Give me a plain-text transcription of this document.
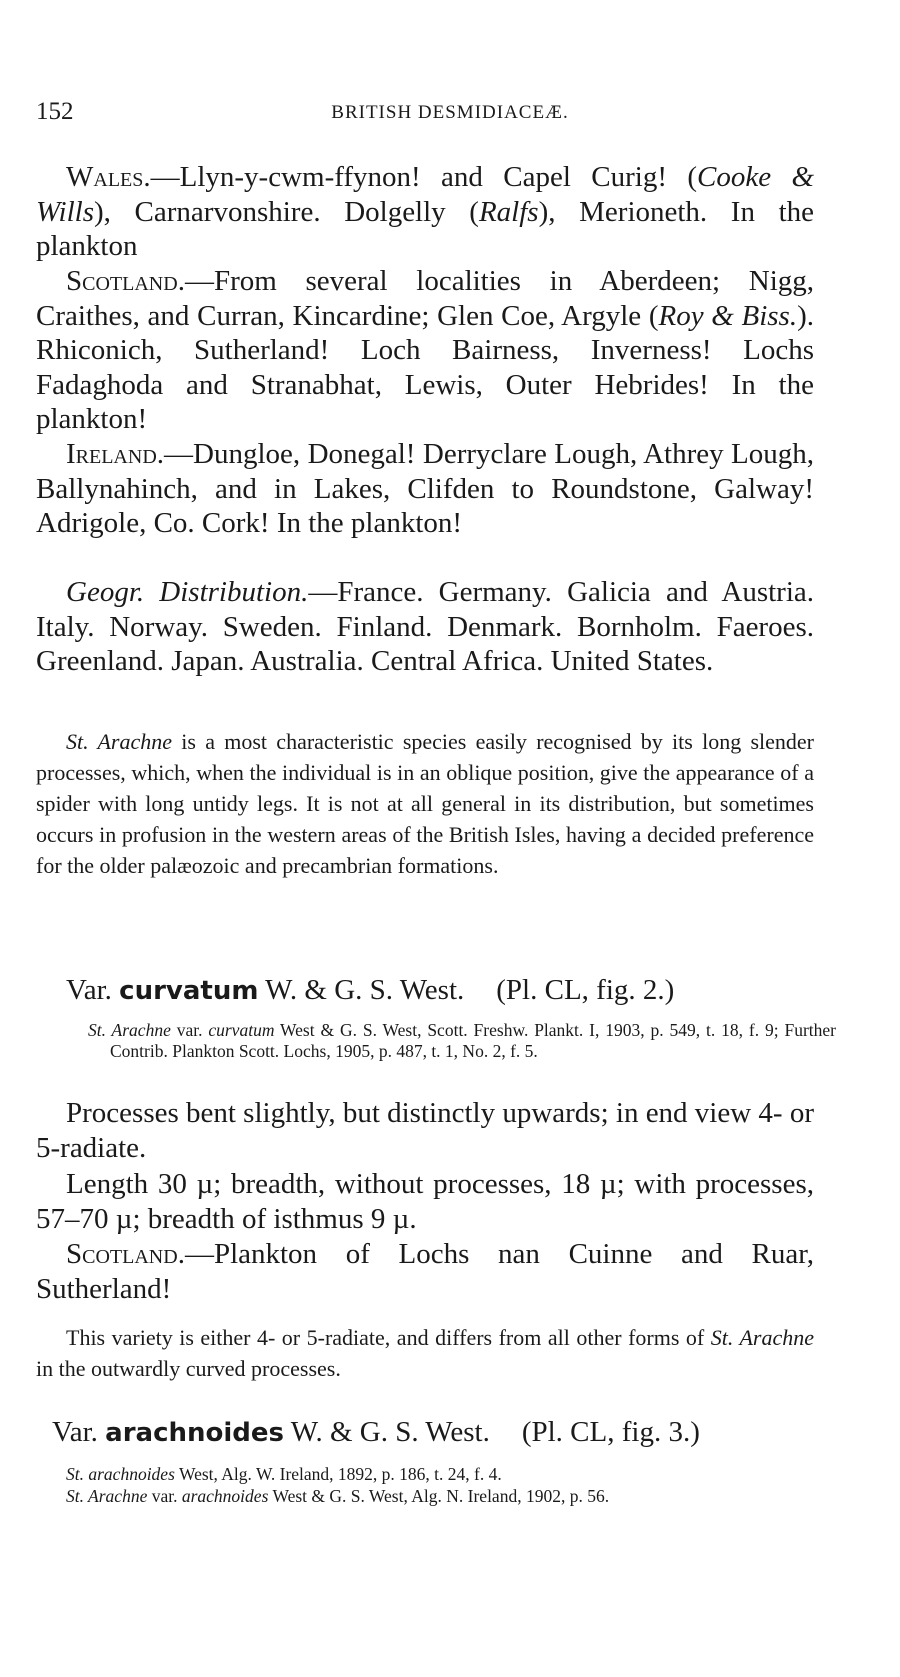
152	BRITISH DESMIDIACEÆ.

Wales.—Llyn-y-cwm-ffynon! and Capel Curig! (Cooke & Wills), Carnarvonshire. Dolgelly (Ralfs), Merioneth. In the plankton

Scotland.—From several localities in Aberdeen; Nigg, Craithes, and Curran, Kincardine; Glen Coe, Argyle (Roy & Biss.). Rhiconich, Sutherland! Loch Bairness, Inverness! Lochs Fadaghoda and Stranabhat, Lewis, Outer Hebrides! In the plankton!

Ireland.—Dungloe, Donegal! Derryclare Lough, Athrey Lough, Ballynahinch, and in Lakes, Clifden to Roundstone, Galway! Adrigole, Co. Cork! In the plankton!

Geogr. Distribution.—France. Germany. Galicia and Austria. Italy. Norway. Sweden. Finland. Denmark. Bornholm. Faeroes. Greenland. Japan. Australia. Central Africa. United States.

St. Arachne is a most characteristic species easily recognised by its long slender processes, which, when the individual is in an oblique position, give the appearance of a spider with long untidy legs. It is not at all general in its distribution, but sometimes occurs in profusion in the western areas of the British Isles, having a decided preference for the older palæozoic and precambrian formations.

Var. curvatum W. & G. S. West. (Pl. CL, fig. 2.)

St. Arachne var. curvatum West & G. S. West, Scott. Freshw. Plankt. I, 1903, p. 549, t. 18, f. 9; Further Contrib. Plankton Scott. Lochs, 1905, p. 487, t. 1, No. 2, f. 5.

Processes bent slightly, but distinctly upwards; in end view 4- or 5-radiate.

Length 30 µ; breadth, without processes, 18 µ; with processes, 57–70 µ; breadth of isthmus 9 µ.

Scotland.—Plankton of Lochs nan Cuinne and Ruar, Sutherland!

This variety is either 4- or 5-radiate, and differs from all other forms of St. Arachne in the outwardly curved processes.

Var. arachnoides W. & G. S. West. (Pl. CL, fig. 3.)

St. arachnoides West, Alg. W. Ireland, 1892, p. 186, t. 24, f. 4.

St. Arachne var. arachnoides West & G. S. West, Alg. N. Ireland, 1902, p. 56.
